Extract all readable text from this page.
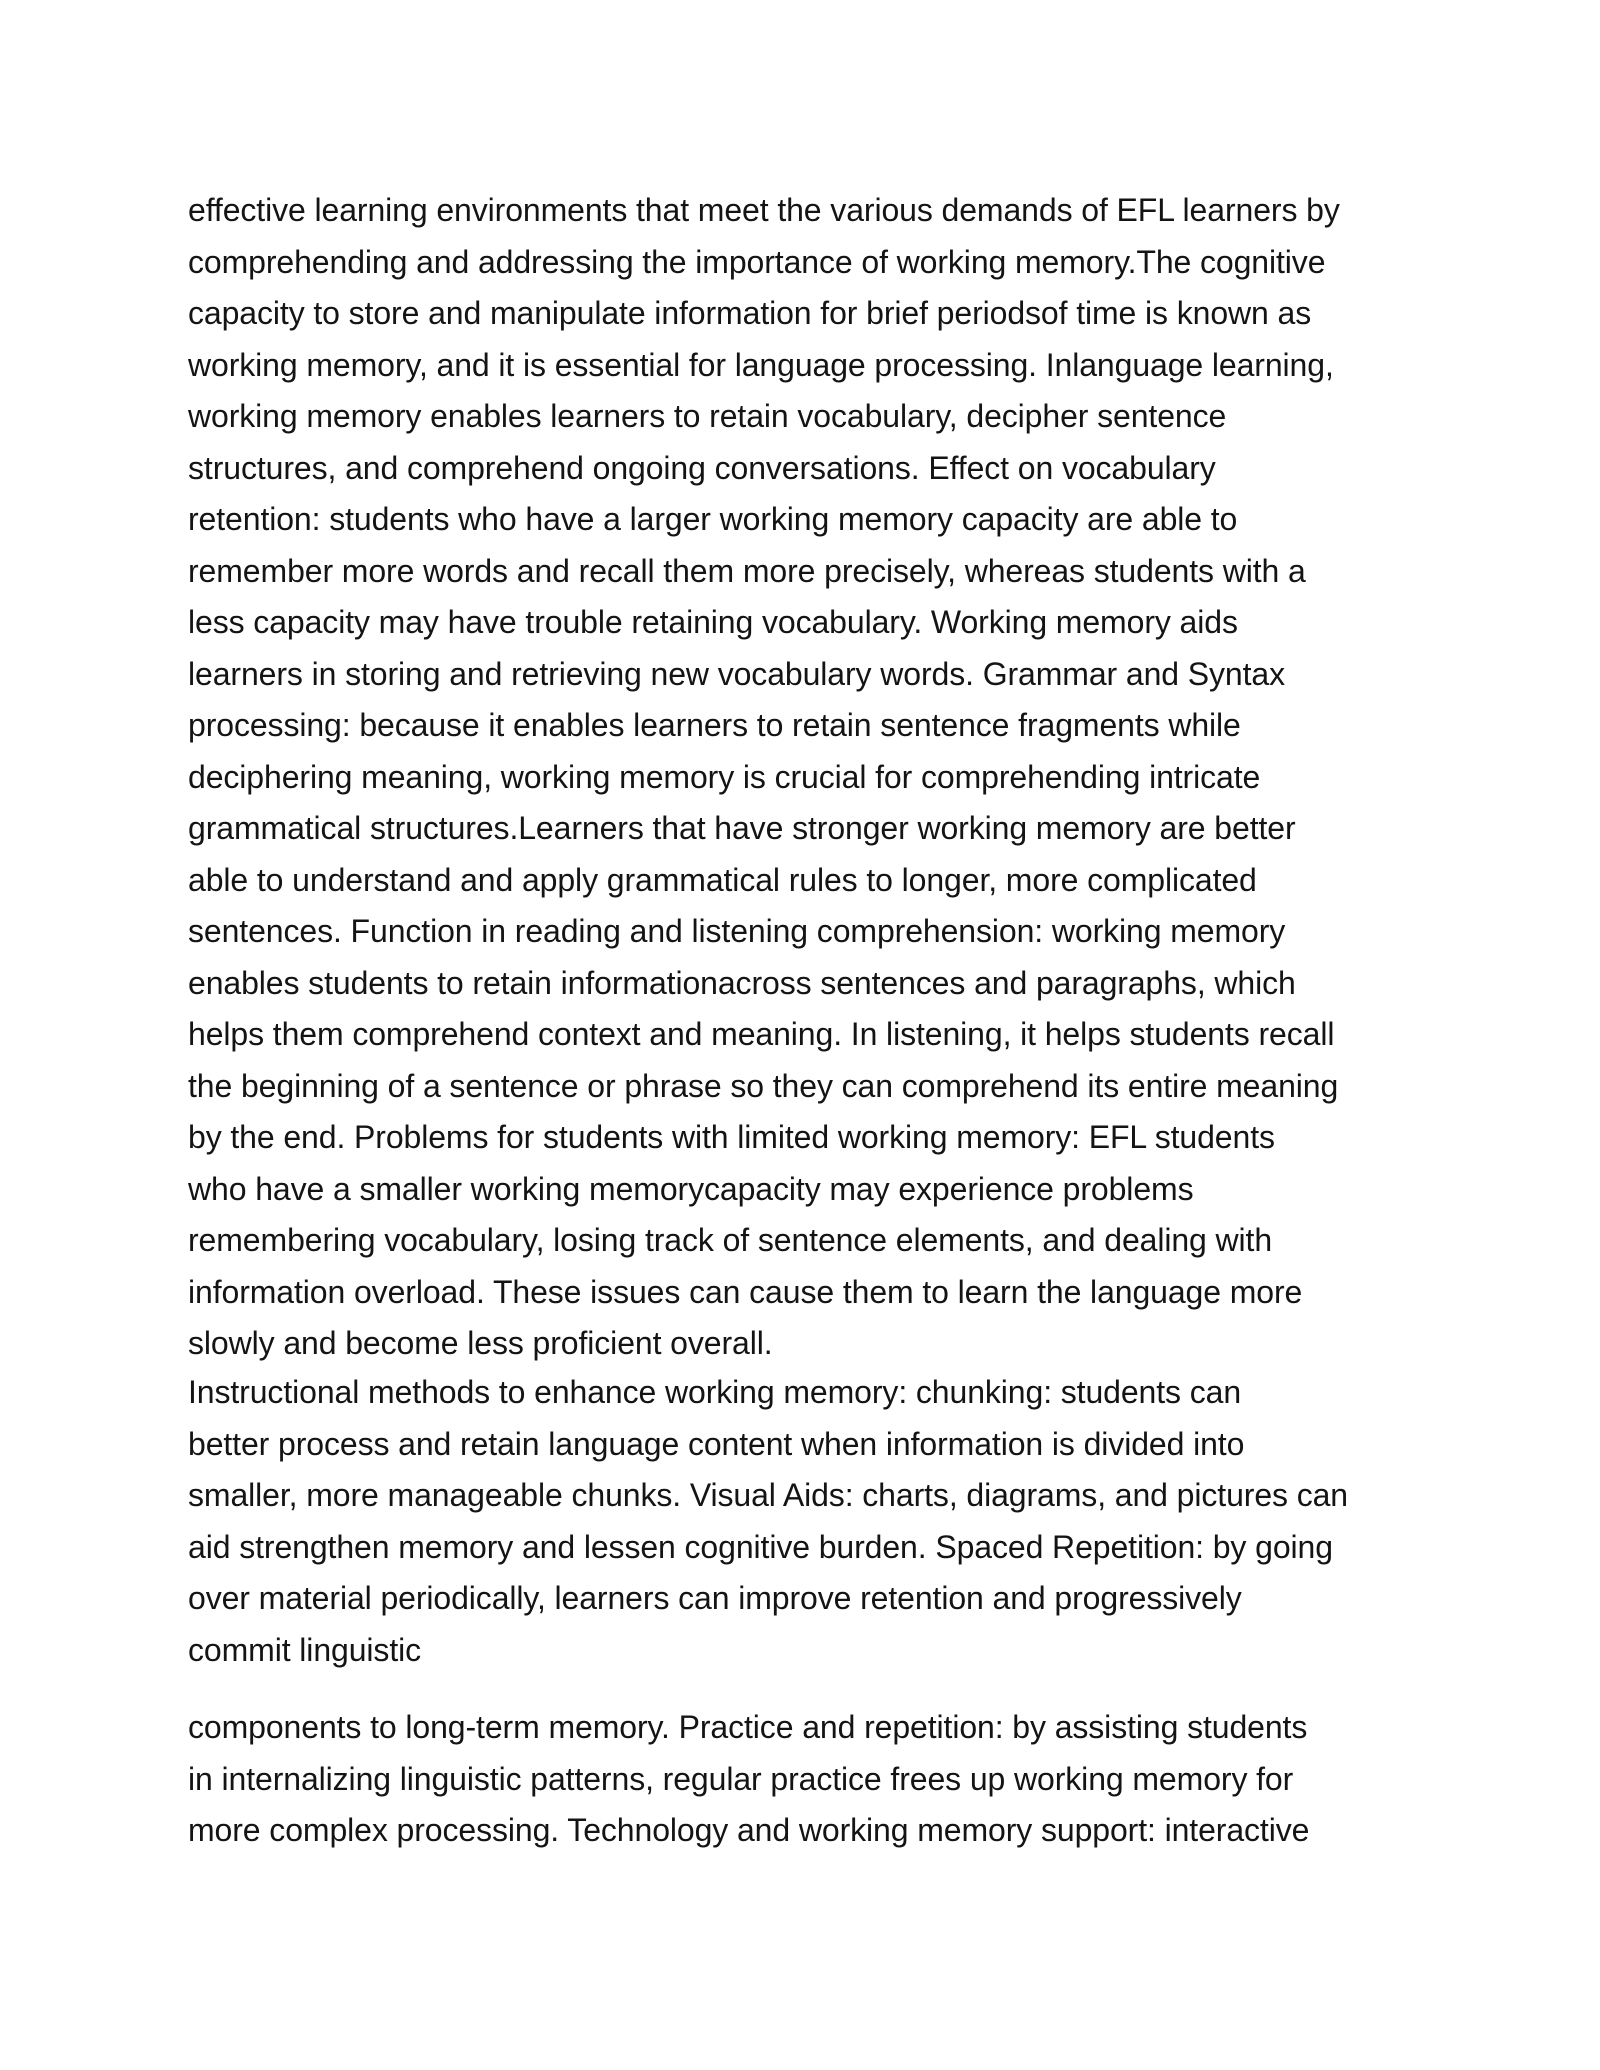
effective learning environments that meet the various demands of EFL learners by
comprehending and addressing the importance of working memory.The cognitive
capacity to store and manipulate information for brief periodsof time is known as
working memory, and it is essential for language processing. Inlanguage learning,
working memory enables learners to retain vocabulary, decipher sentence
structures, and comprehend ongoing conversations. Effect on vocabulary
retention: students who have a larger working memory capacity are able to
remember more words and recall them more precisely, whereas students with a
less capacity may have trouble retaining vocabulary. Working memory aids
learners in storing and retrieving new vocabulary words. Grammar and Syntax
processing: because it enables learners to retain sentence fragments while
deciphering meaning, working memory is crucial for comprehending intricate
grammatical structures.Learners that have stronger working memory are better
able to understand and apply grammatical rules to longer, more complicated
sentences. Function in reading and listening comprehension: working memory
enables students to retain informationacross sentences and paragraphs, which
helps them comprehend context and meaning. In listening, it helps students recall
the beginning of a sentence or phrase so they can comprehend its entire meaning
by the end. Problems for students with limited working memory: EFL students
who have a smaller working memorycapacity may experience problems
remembering vocabulary, losing track of sentence elements, and dealing with
information overload. These issues can cause them to learn the language more
slowly and become less proficient overall.
Instructional methods to enhance working memory: chunking: students can
better process and retain language content when information is divided into
smaller, more manageable chunks. Visual Aids: charts, diagrams, and pictures can
aid strengthen memory and lessen cognitive burden. Spaced Repetition: by going
over material periodically, learners can improve retention and progressively
commit linguistic
components to long-term memory. Practice and repetition: by assisting students
in internalizing linguistic patterns, regular practice frees up working memory for
more complex processing. Technology and working memory support: interactive
